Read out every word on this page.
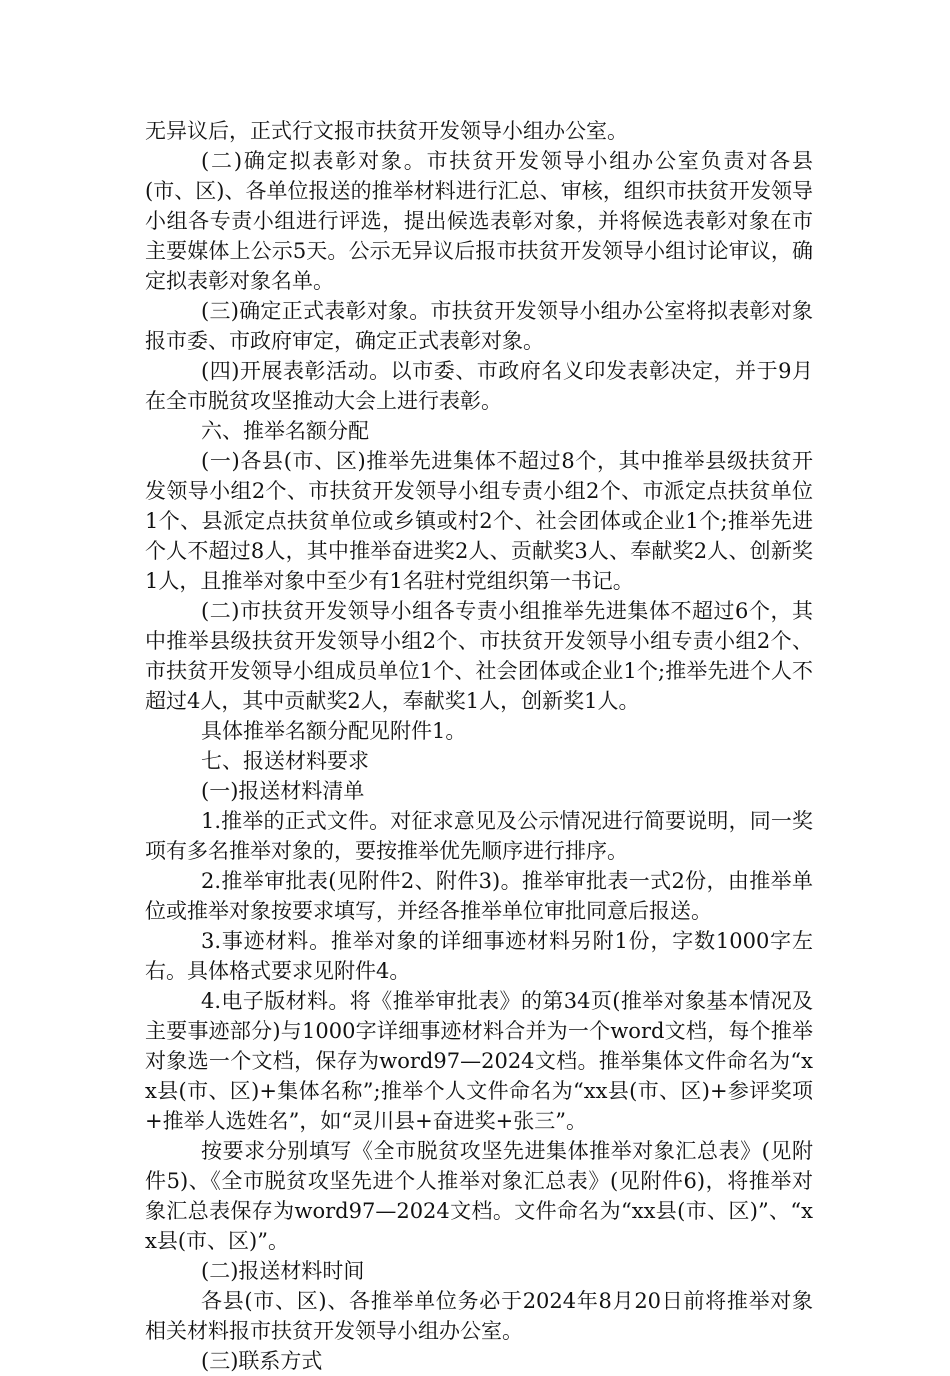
无异议后，正式行文报市扶贫开发领导小组办公室。

(二)确定拟表彰对象。市扶贫开发领导小组办公室负责对各县(市、区)、各单位报送的推举材料进行汇总、审核，组织市扶贫开发领导小组各专责小组进行评选，提出候选表彰对象，并将候选表彰对象在市主要媒体上公示5天。公示无异议后报市扶贫开发领导小组讨论审议，确定拟表彰对象名单。

(三)确定正式表彰对象。市扶贫开发领导小组办公室将拟表彰对象报市委、市政府审定，确定正式表彰对象。

(四)开展表彰活动。以市委、市政府名义印发表彰决定，并于9月在全市脱贫攻坚推动大会上进行表彰。

六、推举名额分配

(一)各县(市、区)推举先进集体不超过8个，其中推举县级扶贫开发领导小组2个、市扶贫开发领导小组专责小组2个、市派定点扶贫单位1个、县派定点扶贫单位或乡镇或村2个、社会团体或企业1个;推举先进个人不超过8人，其中推举奋进奖2人、贡献奖3人、奉献奖2人、创新奖1人，且推举对象中至少有1名驻村党组织第一书记。

(二)市扶贫开发领导小组各专责小组推举先进集体不超过6个，其中推举县级扶贫开发领导小组2个、市扶贫开发领导小组专责小组2个、市扶贫开发领导小组成员单位1个、社会团体或企业1个;推举先进个人不超过4人，其中贡献奖2人，奉献奖1人，创新奖1人。

具体推举名额分配见附件1。

七、报送材料要求

(一)报送材料清单

1.推举的正式文件。对征求意见及公示情况进行简要说明，同一奖项有多名推举对象的，要按推举优先顺序进行排序。

2.推举审批表(见附件2、附件3)。推举审批表一式2份，由推举单位或推举对象按要求填写，并经各推举单位审批同意后报送。

3.事迹材料。推举对象的详细事迹材料另附1份，字数1000字左右。具体格式要求见附件4。

4.电子版材料。将《推举审批表》的第34页(推举对象基本情况及主要事迹部分)与1000字详细事迹材料合并为一个word文档，每个推举对象选一个文档，保存为word97—2024文档。推举集体文件命名为“xx县(市、区)+集体名称”;推举个人文件命名为“xx县(市、区)+参评奖项+推举人选姓名”，如“灵川县+奋进奖+张三”。

按要求分别填写《全市脱贫攻坚先进集体推举对象汇总表》(见附件5)、《全市脱贫攻坚先进个人推举对象汇总表》(见附件6)，将推举对象汇总表保存为word97—2024文档。文件命名为“xx县(市、区)”、“xx县(市、区)”。

(二)报送材料时间

各县(市、区)、各推举单位务必于2024年8月20日前将推举对象相关材料报市扶贫开发领导小组办公室。

(三)联系方式
